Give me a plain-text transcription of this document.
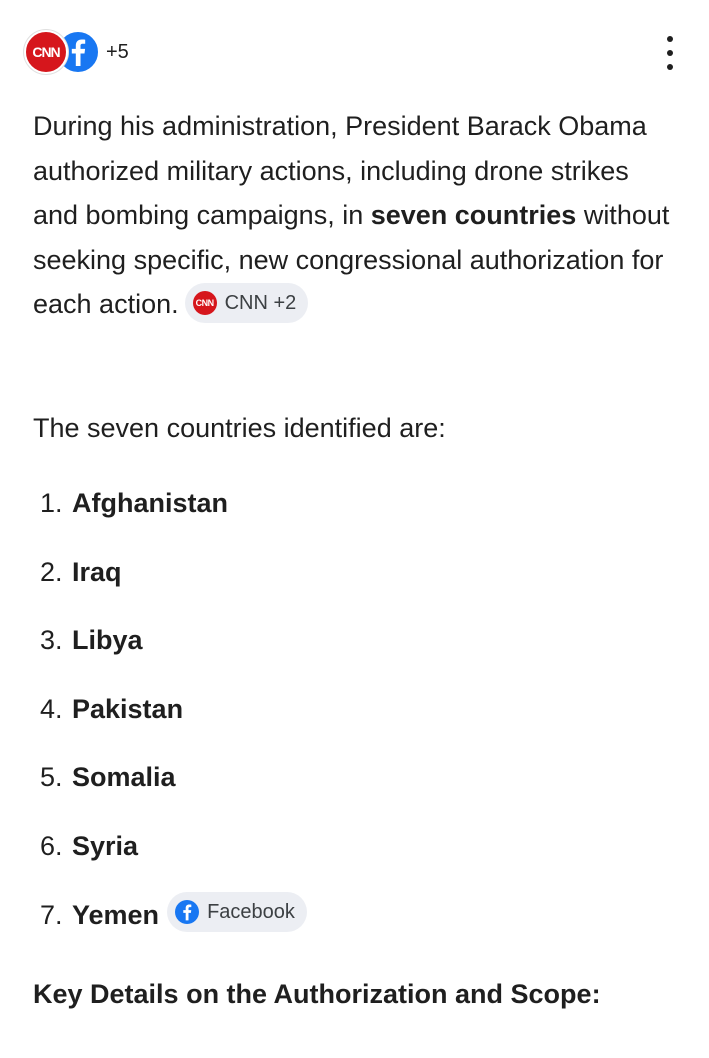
CNN +5

During his administration, President Barack Obama authorized military actions, including drone strikes and bombing campaigns, in seven countries without seeking specific, new congressional authorization for each action.	CNN CNN +2

The seven countries identified are:

1. Afghanistan
2. Iraq
3. Libya
4. Pakistan
5. Somalia
6. Syria
7. Yemen Facebook

Key Details on the Authorization and Scope:
